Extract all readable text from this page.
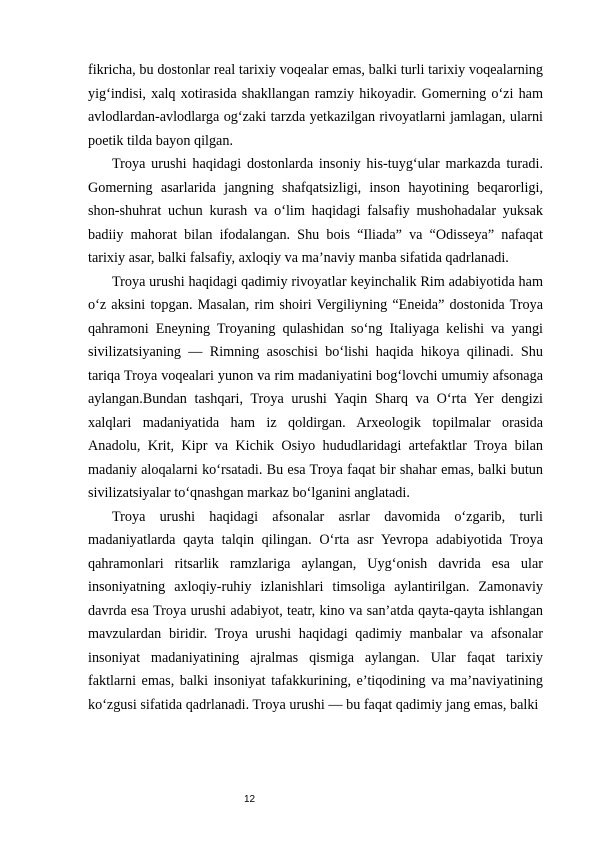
fikricha, bu dostonlar real tarixiy voqealar emas, balki turli tarixiy voqealarning yig‘indisi, xalq xotirasida shakllangan ramziy hikoyadir. Gomerning o‘zi ham avlodlardan-avlodlarga og‘zaki tarzda yetkazilgan rivoyatlarni jamlagan, ularni poetik tilda bayon qilgan.

Troya urushi haqidagi dostonlarda insoniy his-tuyg‘ular markazda turadi. Gomerning asarlarida jangning shafqatsizligi, inson hayotining beqarorligi, shon-shuhrat uchun kurash va o‘lim haqidagi falsafiy mushohadalar yuksak badiiy mahorat bilan ifodalangan. Shu bois “Iliada” va “Odisseya” nafaqat tarixiy asar, balki falsafiy, axloqiy va ma’naviy manba sifatida qadrlanadi.

Troya urushi haqidagi qadimiy rivoyatlar keyinchalik Rim adabiyotida ham o‘z aksini topgan. Masalan, rim shoiri Vergiliyning “Eneida” dostonida Troya qahramoni Eneyning Troyaning qulashidan so‘ng Italiyaga kelishi va yangi sivilizatsiyaning — Rimning asoschisi bo‘lishi haqida hikoya qilinadi. Shu tariqa Troya voqealari yunon va rim madaniyatini bog‘lovchi umumiy afsonaga aylangan.Bundan tashqari, Troya urushi Yaqin Sharq va O‘rta Yer dengizi xalqlari madaniyatida ham iz qoldirgan. Arxeologik topilmalar orasida Anadolu, Krit, Kipr va Kichik Osiyo hududlaridagi artefaktlar Troya bilan madaniy aloqalarni ko‘rsatadi. Bu esa Troya faqat bir shahar emas, balki butun sivilizatsiyalar to‘qnashgan markaz bo‘lganini anglatadi.

Troya urushi haqidagi afsonalar asrlar davomida o‘zgarib, turli madaniyatlarda qayta talqin qilingan. O‘rta asr Yevropa adabiyotida Troya qahramonlari ritsarlik ramzlariga aylangan, Uyg‘onish davrida esa ular insoniyatning axloqiy-ruhiy izlanishlari timsoliga aylantirilgan. Zamonaviy davrda esa Troya urushi adabiyot, teatr, kino va san’atda qayta-qayta ishlangan mavzulardan biridir. Troya urushi haqidagi qadimiy manbalar va afsonalar insoniyat madaniyatining ajralmas qismiga aylangan. Ular faqat tarixiy faktlarni emas, balki insoniyat tafakkurining, e’tiqodining va ma’naviyatining ko‘zgusi sifatida qadrlanadi. Troya urushi — bu faqat qadimiy jang emas, balki

12
